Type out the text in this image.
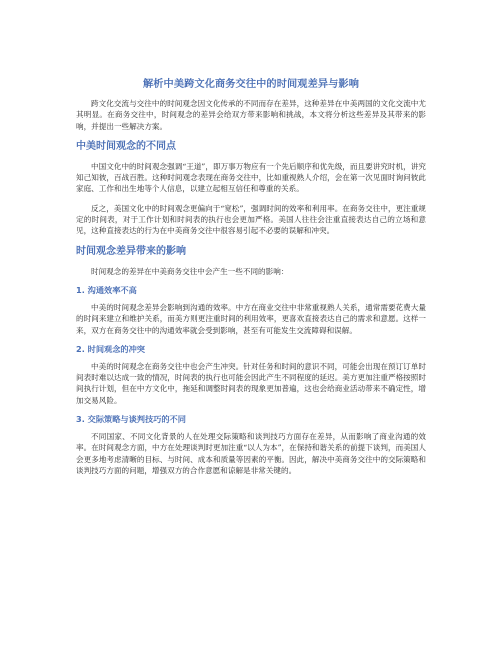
解析中美跨文化商务交往中的时间观差异与影响

跨文化交流与交往中的时间观念因文化传承的不同而存在差异，这种差异在中美两国的文化交流中尤其明显。在商务交往中，时间观念的差异会给双方带来影响和挑战，本文将分析这些差异及其带来的影响，并提出一些解决方案。

中美时间观念的不同点

中国文化中的时间观念强调“王道”，即万事万物应有一个先后顺序和优先级，而且要讲究时机，讲究知己知彼，百战百胜。这种时间观念表现在商务交往中，比如重视熟人介绍，会在第一次见面时询问彼此家庭、工作和出生地等个人信息，以建立起相互信任和尊重的关系。

反之，美国文化中的时间观念更偏向于“宽松”，强调时间的效率和利用率。在商务交往中，更注重规定的时间表，对于工作计划和时间表的执行也会更加严格。美国人往往会注重直接表达自己的立场和意见，这种直接表达的行为在中美商务交往中很容易引起不必要的误解和冲突。

时间观念差异带来的影响

时间观念的差异在中美商务交往中会产生一些不同的影响：

1. 沟通效率不高

中美的时间观念差异会影响到沟通的效率。中方在商业交往中非常重视熟人关系，通常需要花费大量的时间来建立和维护关系，而美方则更注重时间的利用效率，更喜欢直接表达自己的需求和意愿。这样一来，双方在商务交往中的沟通效率就会受到影响，甚至有可能发生交流障碍和误解。

2. 时间观念的冲突

中美的时间观念在商务交往中也会产生冲突。针对任务和时间的意识不同，可能会出现在预订订单时间表时难以达成一致的情况，时间表的执行也可能会因此产生不同程度的延迟。美方更加注重严格按照时间执行计划，但在中方文化中，拖延和调整时间表的现象更加普遍，这也会给商业活动带来不确定性，增加交易风险。

3. 交际策略与谈判技巧的不同

不同国家、不同文化背景的人在处理交际策略和谈判技巧方面存在差异，从而影响了商业沟通的效率。在时间观念方面，中方在处理谈判时更加注重“以人为本”，在保持和谐关系的前提下谈判，而美国人会更多地考虑清晰的目标、与时间、成本和质量等因素的平衡。因此，解决中美商务交往中的交际策略和谈判技巧方面的问题，增强双方的合作意愿和谅解是非常关键的。
